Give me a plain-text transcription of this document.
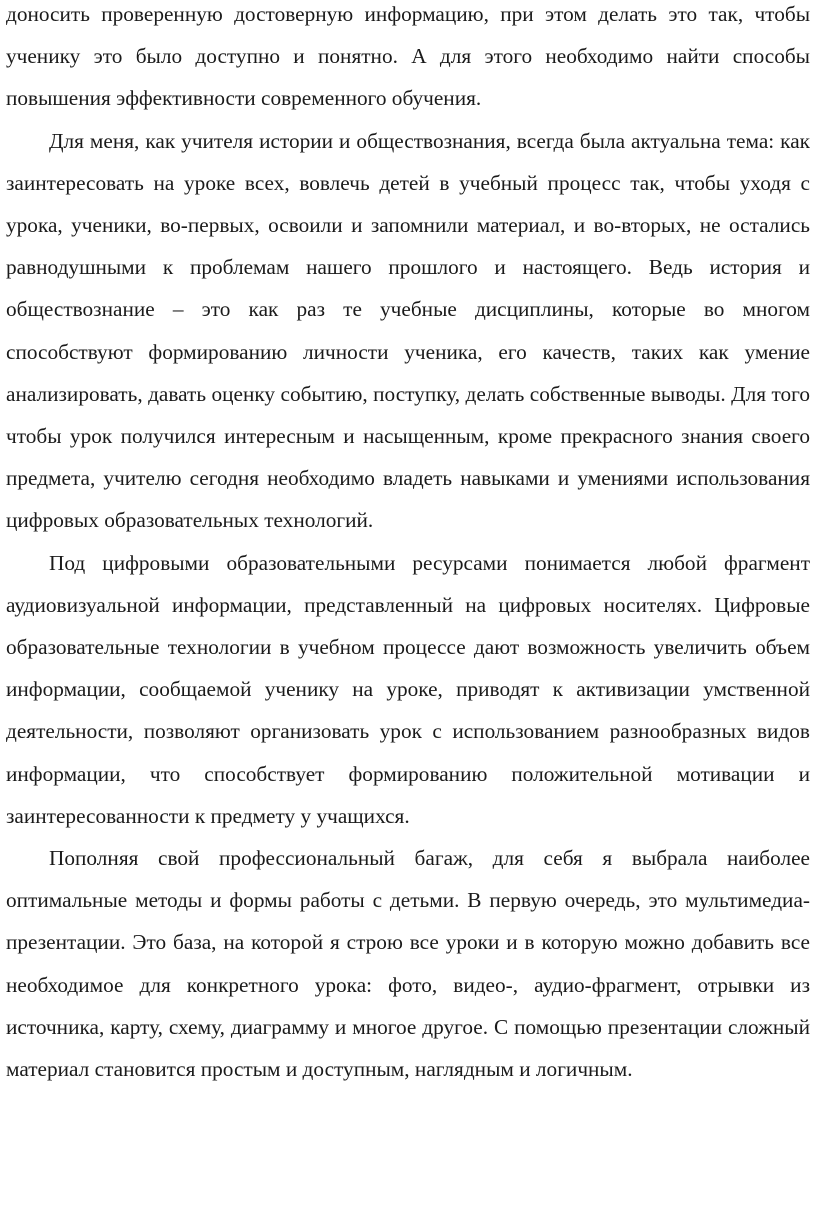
доносить проверенную достоверную информацию, при этом делать это так, чтобы ученику это было доступно и понятно. А для этого необходимо найти способы повышения эффективности современного обучения.

Для меня, как учителя истории и обществознания, всегда была актуальна тема: как заинтересовать на уроке всех, вовлечь детей в учебный процесс так, чтобы уходя с урока, ученики, во-первых, освоили и запомнили материал, и во-вторых, не остались равнодушными к проблемам нашего прошлого и настоящего. Ведь история и обществознание – это как раз те учебные дисциплины, которые во многом способствуют формированию личности ученика, его качеств, таких как умение анализировать, давать оценку событию, поступку, делать собственные выводы. Для того чтобы урок получился интересным и насыщенным, кроме прекрасного знания своего предмета, учителю сегодня необходимо владеть навыками и умениями использования цифровых образовательных технологий.

Под цифровыми образовательными ресурсами понимается любой фрагмент аудиовизуальной информации, представленный на цифровых носителях. Цифровые образовательные технологии в учебном процессе дают возможность увеличить объем информации, сообщаемой ученику на уроке, приводят к активизации умственной деятельности, позволяют организовать урок с использованием разнообразных видов информации, что способствует формированию положительной мотивации и заинтересованности к предмету у учащихся.

Пополняя свой профессиональный багаж, для себя я выбрала наиболее оптимальные методы и формы работы с детьми. В первую очередь, это мультимедиа-презентации. Это база, на которой я строю все уроки и в которую можно добавить все необходимое для конкретного урока: фото, видео-, аудио-фрагмент, отрывки из источника, карту, схему, диаграмму и многое другое. С помощью презентации сложный материал становится простым и доступным, наглядным и логичным.
